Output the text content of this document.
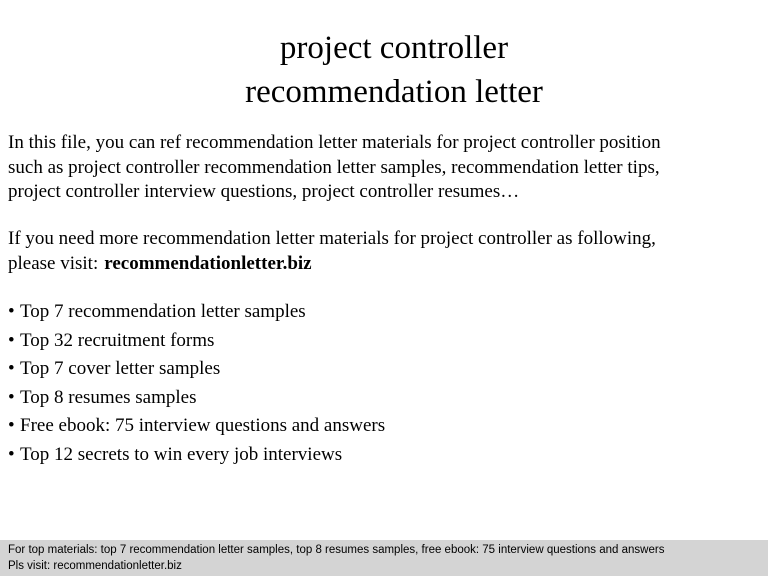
project controller
recommendation letter

In this file, you can ref recommendation letter materials for project controller position

such as project controller recommendation letter samples, recommendation letter tips,

project controller interview questions, project controller resumes…

If you need more recommendation letter materials for project controller as following,

please visit: recommendationletter.biz

• Top 7 recommendation letter samples
• Top 32 recruitment forms
• Top 7 cover letter samples
• Top 8 resumes samples
• Free ebook: 75 interview questions and answers
• Top 12 secrets to win every job interviews
For top materials: top 7 recommendation letter samples, top 8 resumes samples, free ebook: 75 interview questions and answers
Pls visit: recommendationletter.biz
